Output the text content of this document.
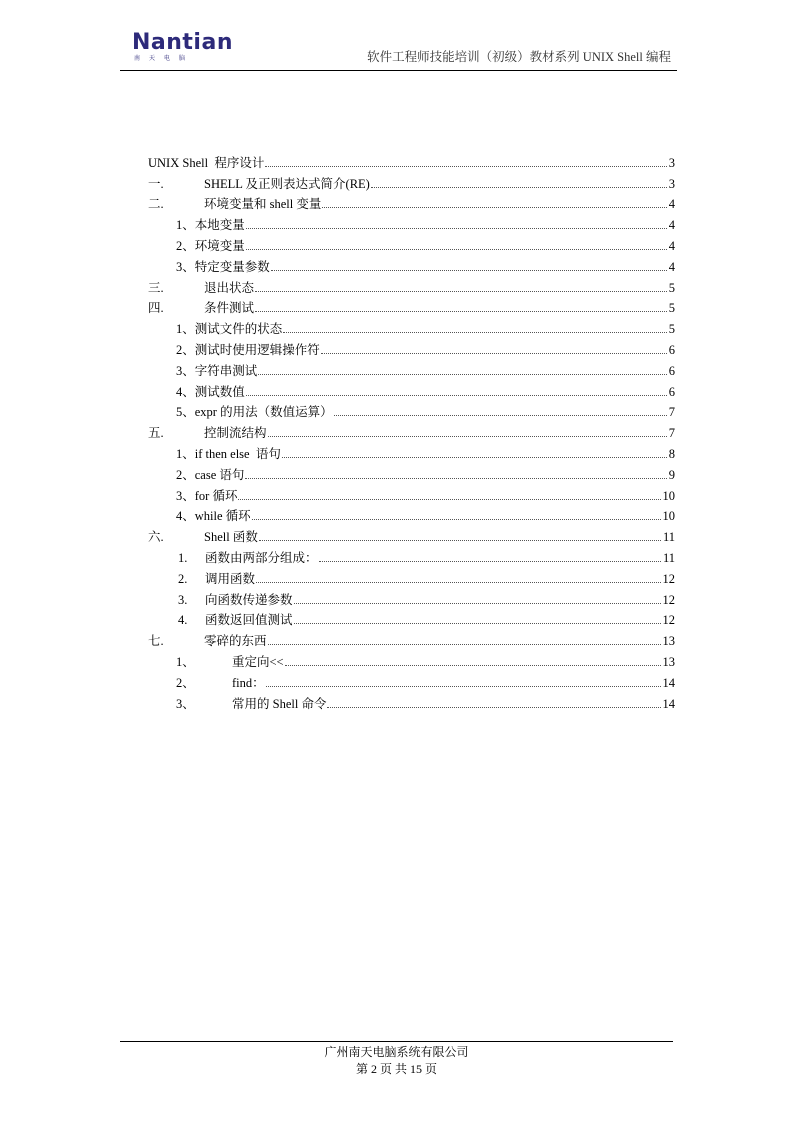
Nantian
南天电脑	软件工程师技能培训（初级）教材系列 UNIX Shell 编程
UNIX Shell  程序设计	3
一.	SHELL 及正则表达式简介(RE)	3
二.	环境变量和 shell 变量	4
1、本地变量	4
2、环境变量	4
3、特定变量参数	4
三.	退出状态	5
四.	条件测试	5
1、测试文件的状态	5
2、测试时使用逻辑操作符	6
3、字符串测试	6
4、测试数值	6
5、expr 的用法（数值运算）	7
五.	控制流结构	7
1、if then else  语句	8
2、case 语句	9
3、for 循环	10
4、while 循环	10
六.	Shell 函数	11
1.	函数由两部分组成：	11
2.	调用函数	12
3.	向函数传递参数	12
4.	函数返回值测试	12
七.	零碎的东西	13
1、	重定向<<	13
2、	find：	14
3、	常用的 Shell 命令	14
广州南天电脑系统有限公司
第 2 页 共 15 页
